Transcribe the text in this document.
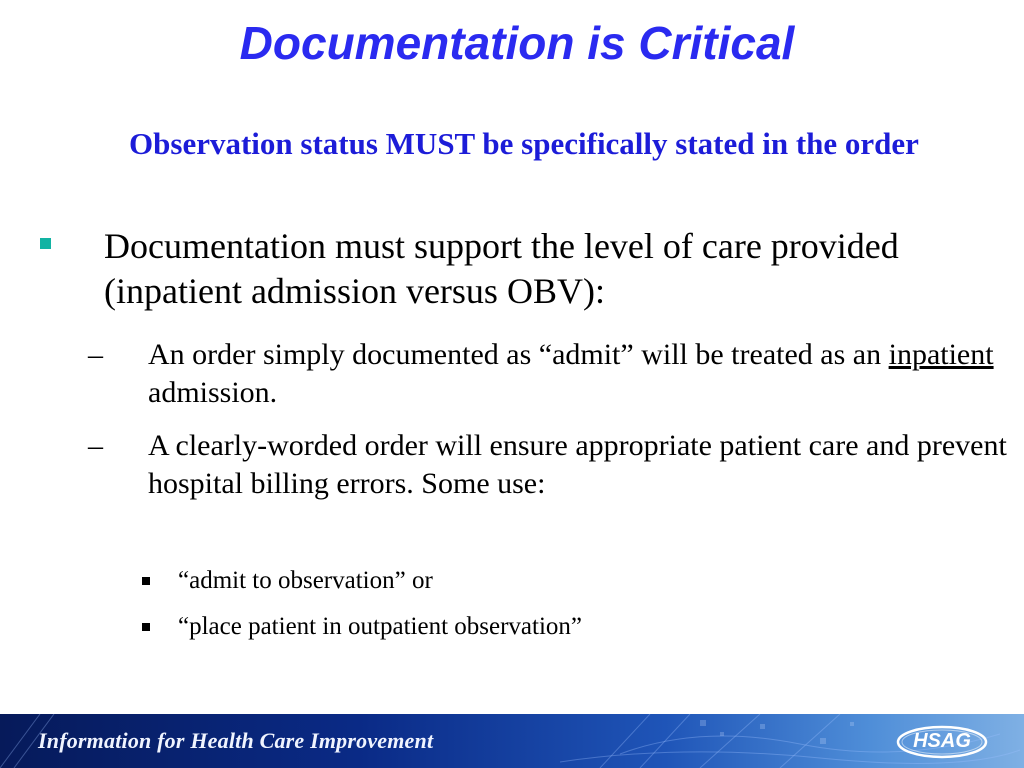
Documentation is Critical
Observation status MUST be specifically stated in the order
Documentation must support the level of care provided (inpatient admission versus OBV):
– An order simply documented as “admit” will be treated as an inpatient admission.
– A clearly-worded order will ensure appropriate patient care and prevent hospital billing errors. Some use:
“admit to observation” or
“place patient in outpatient observation”
Information for Health Care Improvement	HSAG
